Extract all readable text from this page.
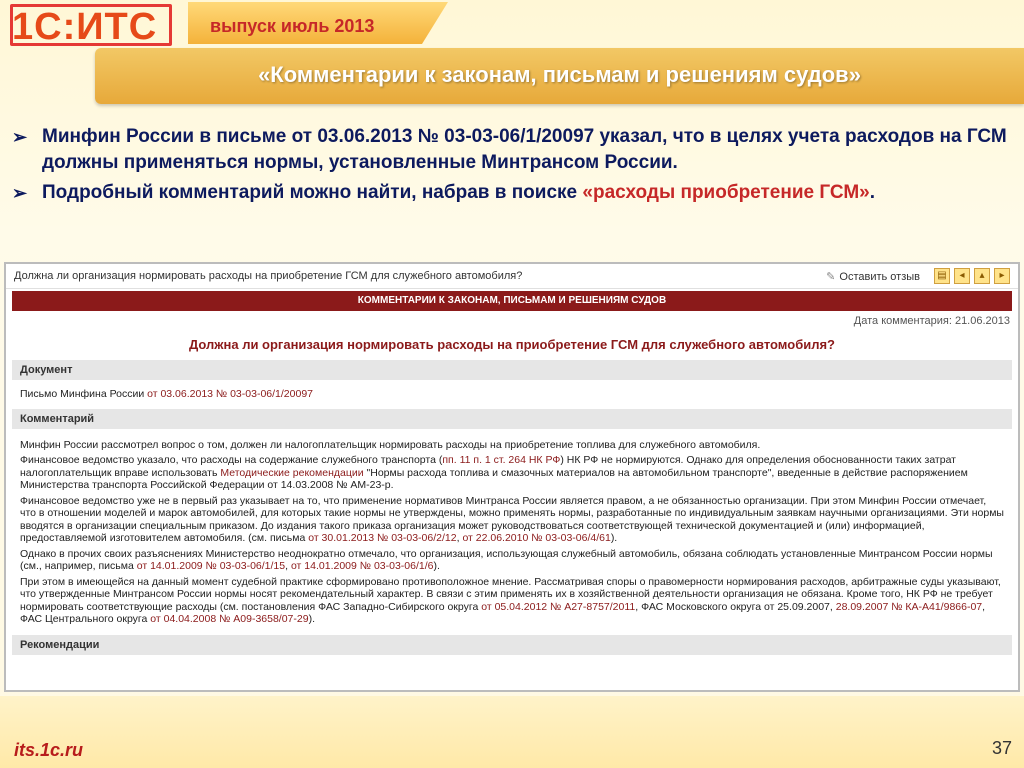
1С:ИТС	выпуск июль 2013
«Комментарии к законам, письмам и решениям судов»
➢ Минфин России в письме от 03.06.2013 № 03-03-06/1/20097 указал, что в целях учета расходов на ГСМ должны применяться нормы, установленные Минтрансом России.
➢ Подробный комментарий можно найти, набрав в поиске «расходы приобретение ГСМ».
Должна ли организация нормировать расходы на приобретение ГСМ для служебного автомобиля?	✎ Оставить отзыв	▤	◂	▴	▸
КОММЕНТАРИИ К ЗАКОНАМ, ПИСЬМАМ И РЕШЕНИЯМ СУДОВ
Дата комментария: 21.06.2013
Должна ли организация нормировать расходы на приобретение ГСМ для служебного автомобиля?
Документ

Письмо Минфина России от 03.06.2013 № 03-03-06/1/20097

Комментарий

Минфин России рассмотрел вопрос о том, должен ли налогоплательщик нормировать расходы на приобретение топлива для служебного автомобиля.

Финансовое ведомство указало, что расходы на содержание служебного транспорта (пп. 11 п. 1 ст. 264 НК РФ) НК РФ не нормируются. Однако для определения обоснованности таких затрат налогоплательщик вправе использовать Методические рекомендации "Нормы расхода топлива и смазочных материалов на автомобильном транспорте", введенные в действие распоряжением Министерства транспорта Российской Федерации от 14.03.2008 № АМ-23-р.

Финансовое ведомство уже не в первый раз указывает на то, что применение нормативов Минтранса России является правом, а не обязанностью организации. При этом Минфин России отмечает, что в отношении моделей и марок автомобилей, для которых такие нормы не утверждены, можно применять нормы, разработанные по индивидуальным заявкам научными организациями. Эти нормы вводятся в организации специальным приказом. До издания такого приказа организация может руководствоваться соответствующей технической документацией и (или) информацией, предоставляемой изготовителем автомобиля. (см. письма от 30.01.2013 № 03-03-06/2/12, от 22.06.2010 № 03-03-06/4/61).

Однако в прочих своих разъяснениях Министерство неоднократно отмечало, что организация, использующая служебный автомобиль, обязана соблюдать установленные Минтрансом России нормы (см., например, письма от 14.01.2009 № 03-03-06/1/15, от 14.01.2009 № 03-03-06/1/6).

При этом в имеющейся на данный момент судебной практике сформировано противоположное мнение. Рассматривая споры о правомерности нормирования расходов, арбитражные суды указывают, что утвержденные Минтрансом России нормы носят рекомендательный характер. В связи с этим применять их в хозяйственной деятельности организация не обязана. Кроме того, НК РФ не требует нормировать соответствующие расходы (см. постановления ФАС Западно-Сибирского округа от 05.04.2012 № А27-8757/2011, ФАС Московского округа от 25.09.2007, 28.09.2007 № КА-А41/9866-07, ФАС Центрального округа от 04.04.2008 № А09-3658/07-29).

Рекомендации
its.1c.ru	37
